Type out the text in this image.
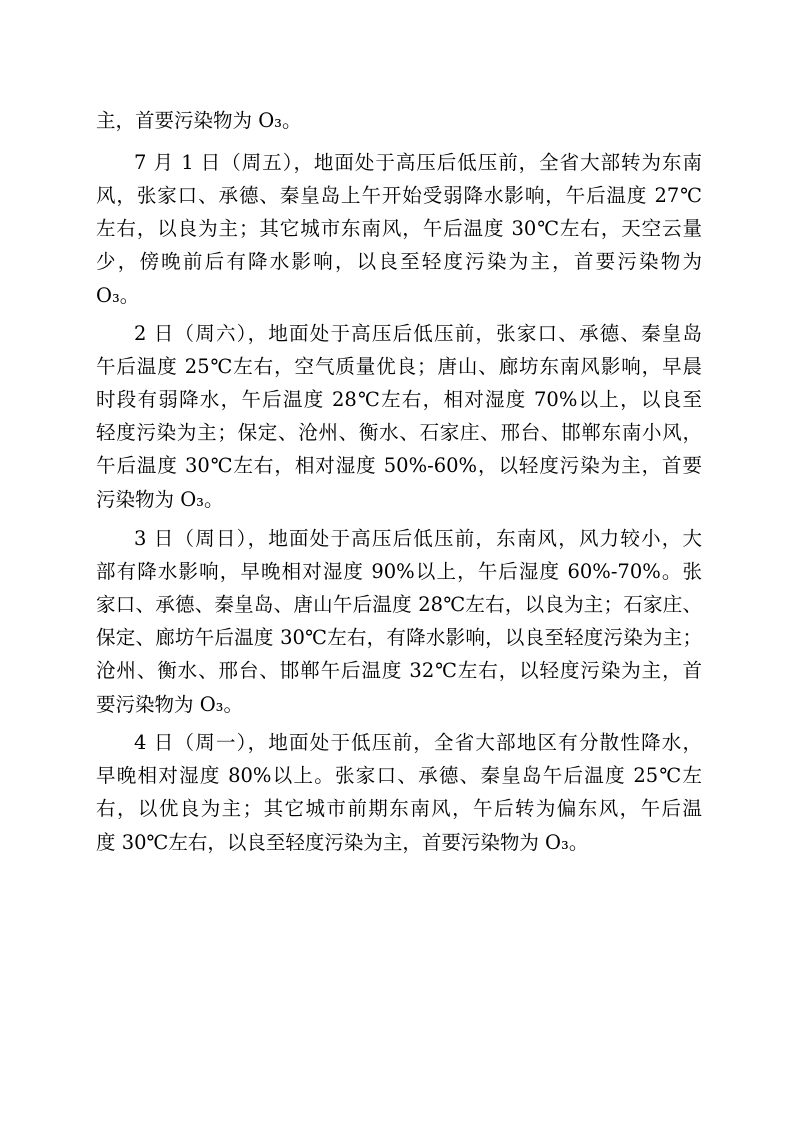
主，首要污染物为 O₃。
7 月 1 日（周五），地面处于高压后低压前，全省大部转为东南
风，张家口、承德、秦皇岛上午开始受弱降水影响，午后温度 27℃
左右，以良为主；其它城市东南风，午后温度 30℃左右，天空云量
少，傍晚前后有降水影响，以良至轻度污染为主，首要污染物为
O₃。
2 日（周六），地面处于高压后低压前，张家口、承德、秦皇岛
午后温度 25℃左右，空气质量优良；唐山、廊坊东南风影响，早晨
时段有弱降水，午后温度 28℃左右，相对湿度 70%以上，以良至
轻度污染为主；保定、沧州、衡水、石家庄、邢台、邯郸东南小风，
午后温度 30℃左右，相对湿度 50%-60%，以轻度污染为主，首要
污染物为 O₃。
3 日（周日），地面处于高压后低压前，东南风，风力较小，大
部有降水影响，早晚相对湿度 90%以上，午后湿度 60%-70%。张
家口、承德、秦皇岛、唐山午后温度 28℃左右，以良为主；石家庄、
保定、廊坊午后温度 30℃左右，有降水影响，以良至轻度污染为主；
沧州、衡水、邢台、邯郸午后温度 32℃左右，以轻度污染为主，首
要污染物为 O₃。
4 日（周一），地面处于低压前，全省大部地区有分散性降水，
早晚相对湿度 80%以上。张家口、承德、秦皇岛午后温度 25℃左
右，以优良为主；其它城市前期东南风，午后转为偏东风，午后温
度 30℃左右，以良至轻度污染为主，首要污染物为 O₃。
